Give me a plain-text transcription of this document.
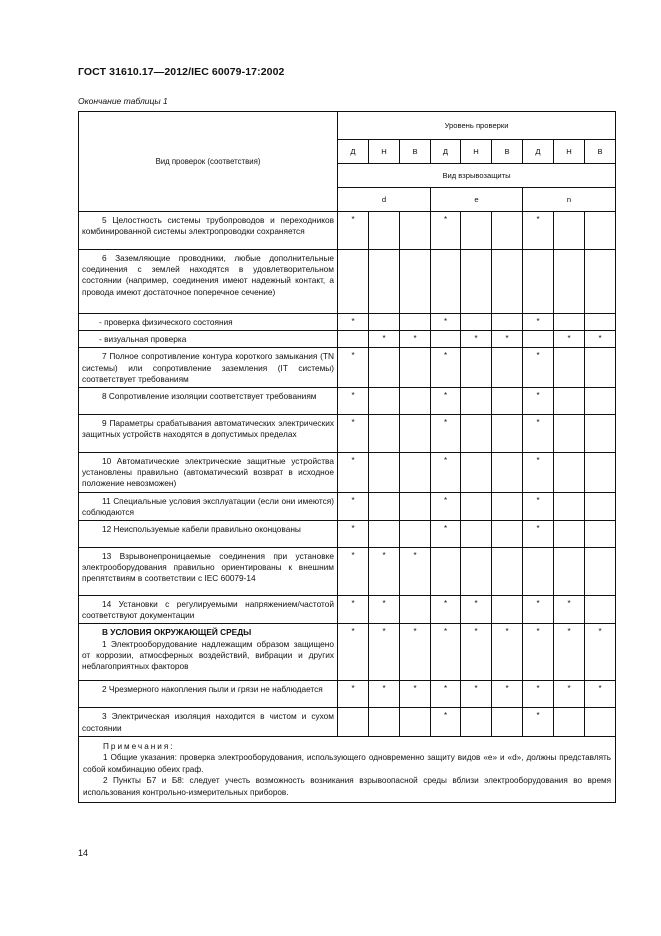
ГОСТ 31610.17—2012/IEC 60079-17:2002
Окончание таблицы 1
Вид проверок (соответствия)	Уровень проверки								
	Д	Н	В	Д	Н	В	Д	Н	В
	Вид взрывозащиты								
	d			e			n		

5 Целостность системы трубопроводов и переходников комбинированной системы электропроводки сохраняется	*			*			*		

6 Заземляющие проводники, любые дополнительные соединения с землей находятся в удовлетворительном состоянии (например, соединения имеют надежный контакт, а провода имеют достаточное поперечное сечение)									

- проверка физического состояния	*			*			*		

- визуальная проверка		*	*		*	*		*	*

7 Полное сопротивление контура короткого замыкания (TN системы) или сопротивление заземления (IT системы) соответствует требованиям	*			*			*		

8 Сопротивление изоляции соответствует требованиям	*			*			*		

9 Параметры срабатывания автоматических электрических защитных устройств находятся в допустимых пределах	*			*			*		

10 Автоматические электрические защитные устройства установлены правильно (автоматический возврат в исходное положение невозможен)	*			*			*		

11 Специальные условия эксплуатации (если они имеются) соблюдаются	*			*			*		

12 Неиспользуемые кабели правильно оконцованы	*			*			*		

13 Взрывонепроницаемые соединения при установке электрооборудования правильно ориентированы к внешним препятствиям в соответствии с IEC 60079-14	*	*	*						

14 Установки с регулируемыми напряжением/частотой соответствуют документации	*	*		*	*		*	*	

В УСЛОВИЯ ОКРУЖАЮЩЕЙ СРЕДЫ
1 Электрооборудование надлежащим образом защищено от коррозии, атмосферных воздействий, вибрации и других неблагоприятных факторов	*	*	*	*	*	*	*	*	*

2 Чрезмерного накопления пыли и грязи не наблюдается	*	*	*	*	*	*	*	*	*

3 Электрическая изоляция находится в чистом и сухом состоянии				*			*		

Примечания:
1 Общие указания: проверка электрооборудования, использующего одновременно защиту видов «е» и «d», должны представлять собой комбинацию обеих граф.
2 Пункты Б7 и Б8: следует учесть возможность возникания взрывоопасной среды вблизи электрооборудования во время использования контрольно-измерительных приборов.									
14
